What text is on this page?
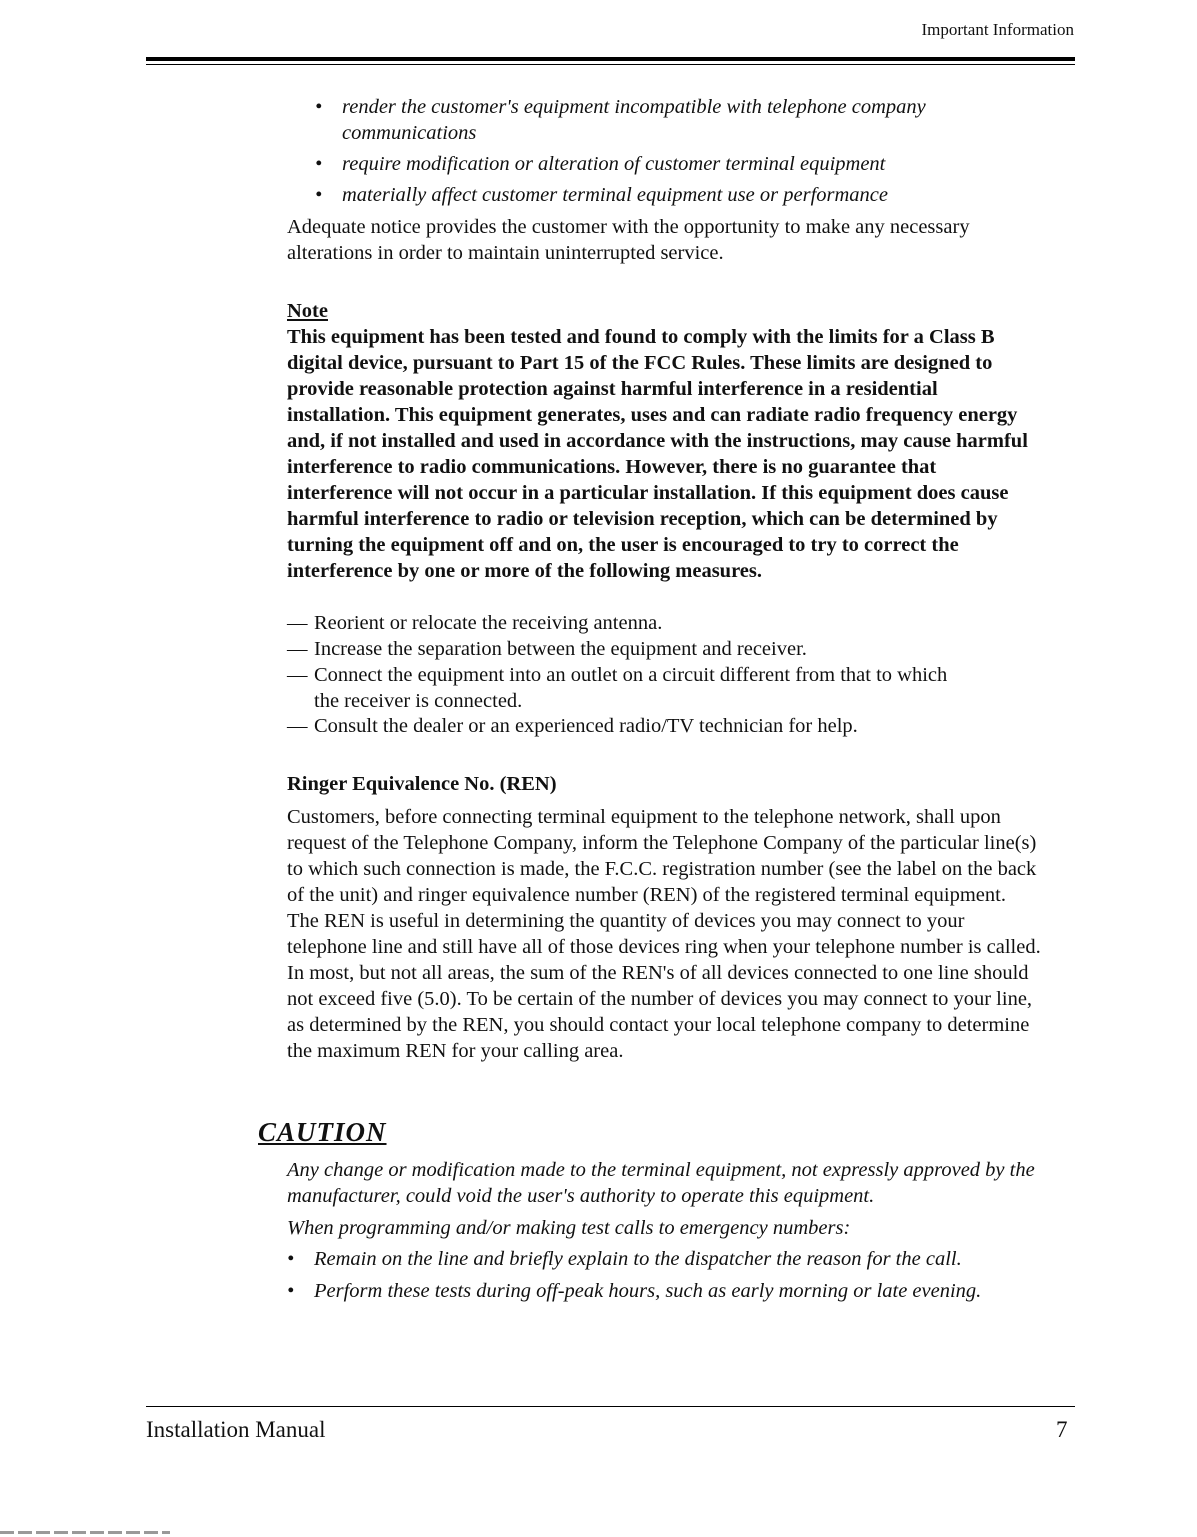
Important Information
• render the customer's equipment incompatible with telephone company
communications
• require modification or alteration of customer terminal equipment
• materially affect customer terminal equipment use or performance
Adequate notice provides the customer with the opportunity to make any necessary
alterations in order to maintain uninterrupted service.
Note
This equipment has been tested and found to comply with the limits for a Class B
digital device, pursuant to Part 15 of the FCC Rules. These limits are designed to
provide reasonable protection against harmful interference in a residential
installation. This equipment generates, uses and can radiate radio frequency energy
and, if not installed and used in accordance with the instructions, may cause harmful
interference to radio communications. However, there is no guarantee that
interference will not occur in a particular installation. If this equipment does cause
harmful interference to radio or television reception, which can be determined by
turning the equipment off and on, the user is encouraged to try to correct the
interference by one or more of the following measures.
— Reorient or relocate the receiving antenna.
— Increase the separation between the equipment and receiver.
— Connect the equipment into an outlet on a circuit different from that to which
the receiver is connected.
— Consult the dealer or an experienced radio/TV technician for help.
Ringer Equivalence No. (REN)
Customers, before connecting terminal equipment to the telephone network, shall upon
request of the Telephone Company, inform the Telephone Company of the particular line(s)
to which such connection is made, the F.C.C. registration number (see the label on the back
of the unit) and ringer equivalence number (REN) of the registered terminal equipment.
The REN is useful in determining the quantity of devices you may connect to your
telephone line and still have all of those devices ring when your telephone number is called.
In most, but not all areas, the sum of the REN's of all devices connected to one line should
not exceed five (5.0). To be certain of the number of devices you may connect to your line,
as determined by the REN, you should contact your local telephone company to determine
the maximum REN for your calling area.
CAUTION
Any change or modification made to the terminal equipment, not expressly approved by the
manufacturer, could void the user's authority to operate this equipment.
When programming and/or making test calls to emergency numbers:
• Remain on the line and briefly explain to the dispatcher the reason for the call.
• Perform these tests during off-peak hours, such as early morning or late evening.
Installation Manual	7
